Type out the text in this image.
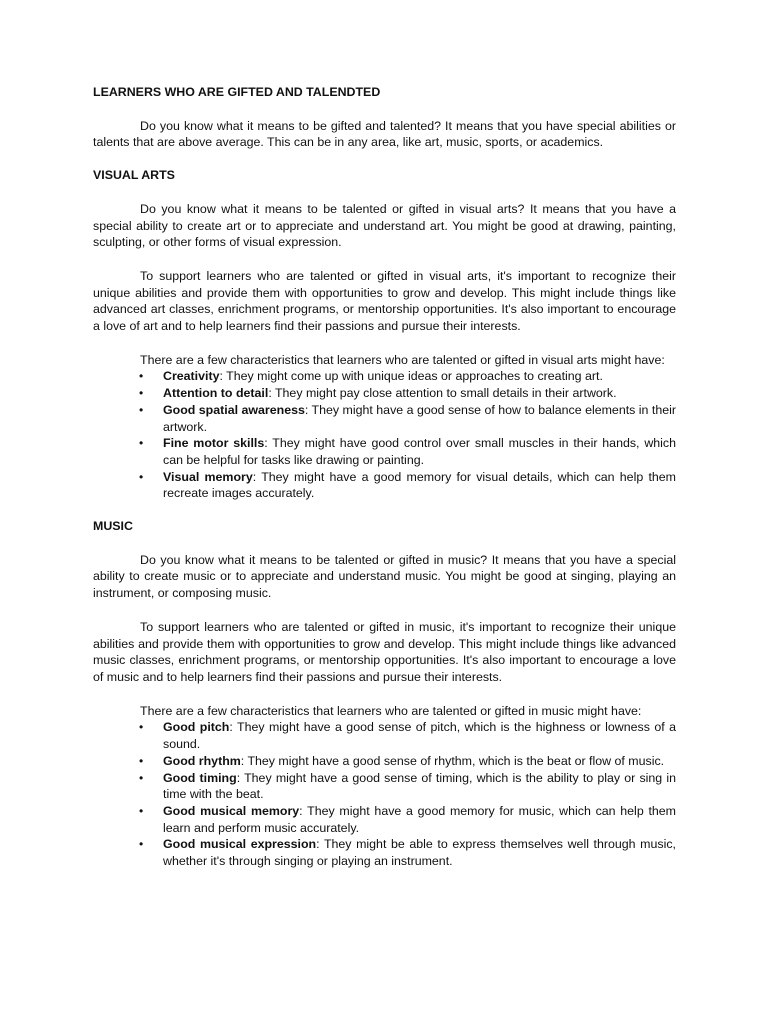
LEARNERS WHO ARE GIFTED AND TALENDTED

Do you know what it means to be gifted and talented? It means that you have special abilities or talents that are above average. This can be in any area, like art, music, sports, or academics.

VISUAL ARTS

Do you know what it means to be talented or gifted in visual arts? It means that you have a special ability to create art or to appreciate and understand art. You might be good at drawing, painting, sculpting, or other forms of visual expression.

To support learners who are talented or gifted in visual arts, it's important to recognize their unique abilities and provide them with opportunities to grow and develop. This might include things like advanced art classes, enrichment programs, or mentorship opportunities. It's also important to encourage a love of art and to help learners find their passions and pursue their interests.

There are a few characteristics that learners who are talented or gifted in visual arts might have:

• Creativity: They might come up with unique ideas or approaches to creating art.
• Attention to detail: They might pay close attention to small details in their artwork.
• Good spatial awareness: They might have a good sense of how to balance elements in their artwork.
• Fine motor skills: They might have good control over small muscles in their hands, which can be helpful for tasks like drawing or painting.
• Visual memory: They might have a good memory for visual details, which can help them recreate images accurately.
MUSIC

Do you know what it means to be talented or gifted in music? It means that you have a special ability to create music or to appreciate and understand music. You might be good at singing, playing an instrument, or composing music.

To support learners who are talented or gifted in music, it's important to recognize their unique abilities and provide them with opportunities to grow and develop. This might include things like advanced music classes, enrichment programs, or mentorship opportunities. It's also important to encourage a love of music and to help learners find their passions and pursue their interests.

There are a few characteristics that learners who are talented or gifted in music might have:

• Good pitch: They might have a good sense of pitch, which is the highness or lowness of a sound.
• Good rhythm: They might have a good sense of rhythm, which is the beat or flow of music.
• Good timing: They might have a good sense of timing, which is the ability to play or sing in time with the beat.
• Good musical memory: They might have a good memory for music, which can help them learn and perform music accurately.
• Good musical expression: They might be able to express themselves well through music, whether it's through singing or playing an instrument.
